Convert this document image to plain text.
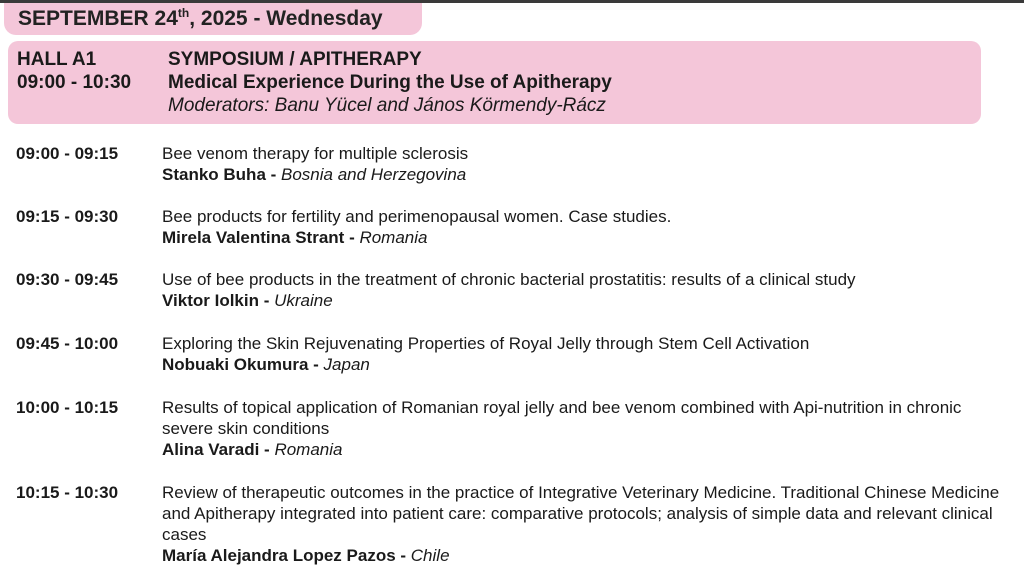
SEPTEMBER 24th, 2025 - Wednesday
HALL A1
09:00 - 10:30
SYMPOSIUM / APITHERAPY
Medical Experience During the Use of Apitherapy
Moderators: Banu Yücel and János Körmendy-Rácz
09:00 - 09:15	Bee venom therapy for multiple sclerosis
Stanko Buha - Bosnia and Herzegovina
09:15 - 09:30	Bee products for fertility and perimenopausal women. Case studies.
Mirela Valentina Strant - Romania
09:30 - 09:45	Use of bee products in the treatment of chronic bacterial prostatitis: results of a clinical study
Viktor Iolkin - Ukraine
09:45 - 10:00	Exploring the Skin Rejuvenating Properties of Royal Jelly through Stem Cell Activation
Nobuaki Okumura - Japan
10:00 - 10:15	Results of topical application of Romanian royal jelly and bee venom combined with Api-nutrition in chronic severe skin conditions
Alina Varadi - Romania
10:15 - 10:30	Review of therapeutic outcomes in the practice of Integrative Veterinary Medicine. Traditional Chinese Medicine and Apitherapy integrated into patient care: comparative protocols; analysis of simple data and relevant clinical cases
María Alejandra Lopez Pazos - Chile
